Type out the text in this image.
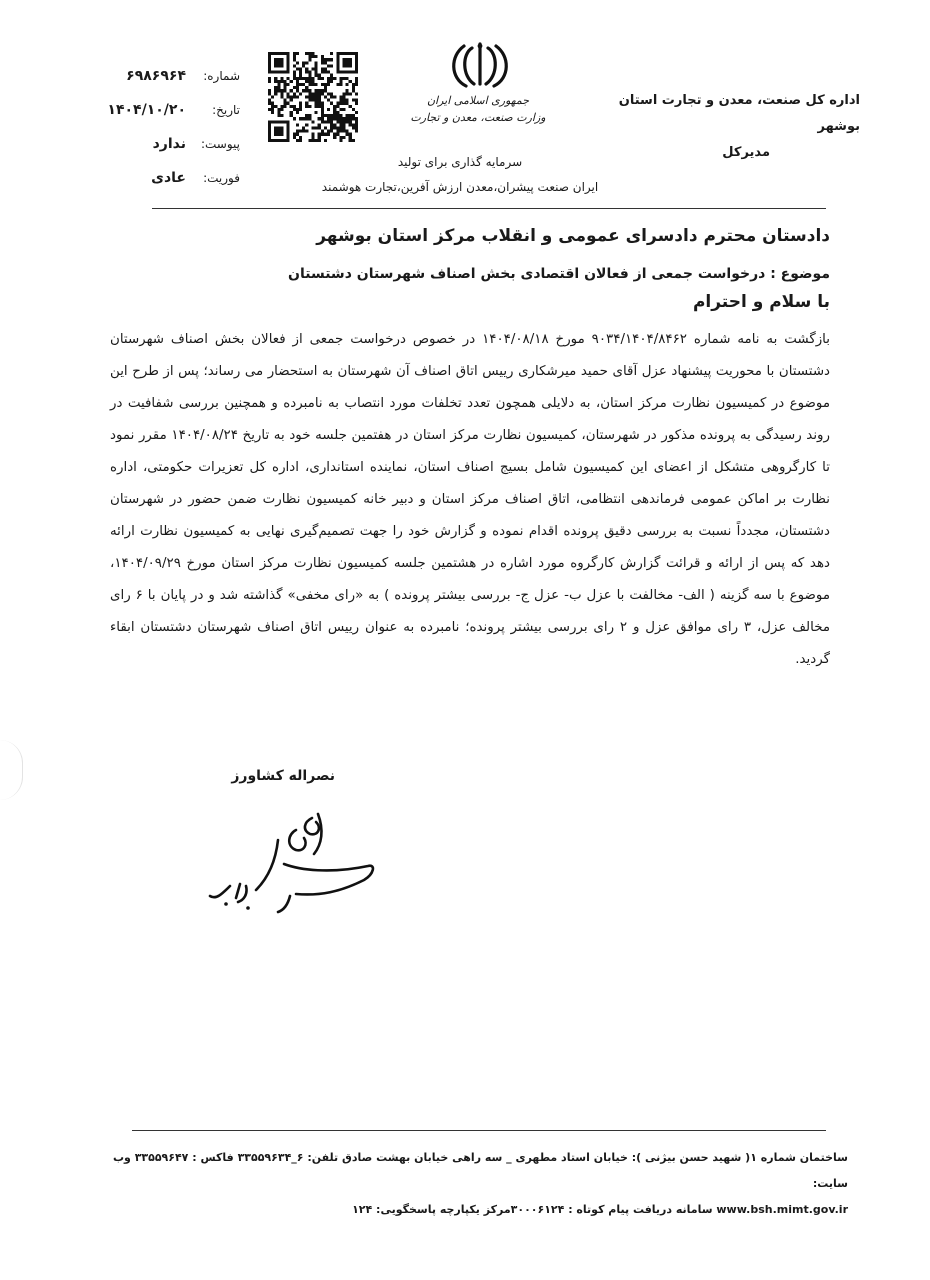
اداره کل صنعت، معدن و تجارت استان بوشهر
مدیرکل
جمهوری اسلامی ایران
وزارت صنعت، معدن و تجارت
سرمایه گذاری برای تولید
ایران صنعت پیشران،معدن ارزش آفرین،تجارت هوشمند
شماره:
۶۹۸۶۹۶۴
تاریخ:
۱۴۰۴/۱۰/۲۰
پیوست:
ندارد
فوریت:
عادی
دادستان محترم دادسرای عمومی و انقلاب مرکز استان بوشهر
موضوع : درخواست جمعی از فعالان اقتصادی بخش اصناف شهرستان دشتستان
با سلام و احترام
بازگشت به نامه شماره ۹۰۳۴/۱۴۰۴/۸۴۶۲ مورخ ۱۴۰۴/۰۸/۱۸ در خصوص درخواست جمعی از فعالان بخش اصناف شهرستان دشتستان با محوریت پیشنهاد عزل آقای حمید میرشکاری رییس اتاق اصناف آن شهرستان به استحضار می رساند؛ پس از طرح این موضوع در کمیسیون نظارت مرکز استان، به دلایلی همچون تعدد تخلفات مورد انتصاب به نامبرده و همچنین بررسی شفافیت در روند رسیدگی به پرونده مذکور در شهرستان، کمیسیون نظارت مرکز استان در هفتمین جلسه خود به تاریخ ۱۴۰۴/۰۸/۲۴ مقرر نمود تا کارگروهی متشکل از اعضای این کمیسیون شامل بسیج اصناف استان، نماینده استانداری، اداره کل تعزیرات حکومتی، اداره نظارت بر اماکن عمومی فرماندهی انتظامی، اتاق اصناف مرکز استان و دبیر خانه کمیسیون نظارت ضمن حضور در شهرستان دشتستان، مجدداً نسبت به بررسی دقیق پرونده اقدام نموده و گزارش خود را جهت تصمیم‌گیری نهایی به کمیسیون نظارت ارائه دهد که پس از ارائه و قرائت گزارش کارگروه مورد اشاره در هشتمین جلسه کمیسیون نظارت مرکز استان مورخ ۱۴۰۴/۰۹/۲۹، موضوع با سه گزینه ( الف- مخالفت با عزل ب- عزل ج- بررسی بیشتر پرونده ) به «رای مخفی» گذاشته شد و در پایان با ۶ رای مخالف عزل، ۳ رای موافق عزل و ۲ رای بررسی بیشتر پرونده؛ نامبرده به عنوان رییس اتاق اصناف شهرستان دشتستان ابقاء گردید.
نصراله کشاورز
ساختمان شماره ۱( شهید حسن بیژنی ): خیابان استاد مطهری _ سه راهی خیابان بهشت صادق تلفن: ۶_۳۳۵۵۹۶۳۴ فاکس : ۳۳۵۵۹۶۴۷ وب سایت:
www.bsh.mimt.gov.ir سامانه دریافت پیام کوتاه : ۳۰۰۰۶۱۲۴مرکز یکپارچه پاسخگویی: ۱۲۴
